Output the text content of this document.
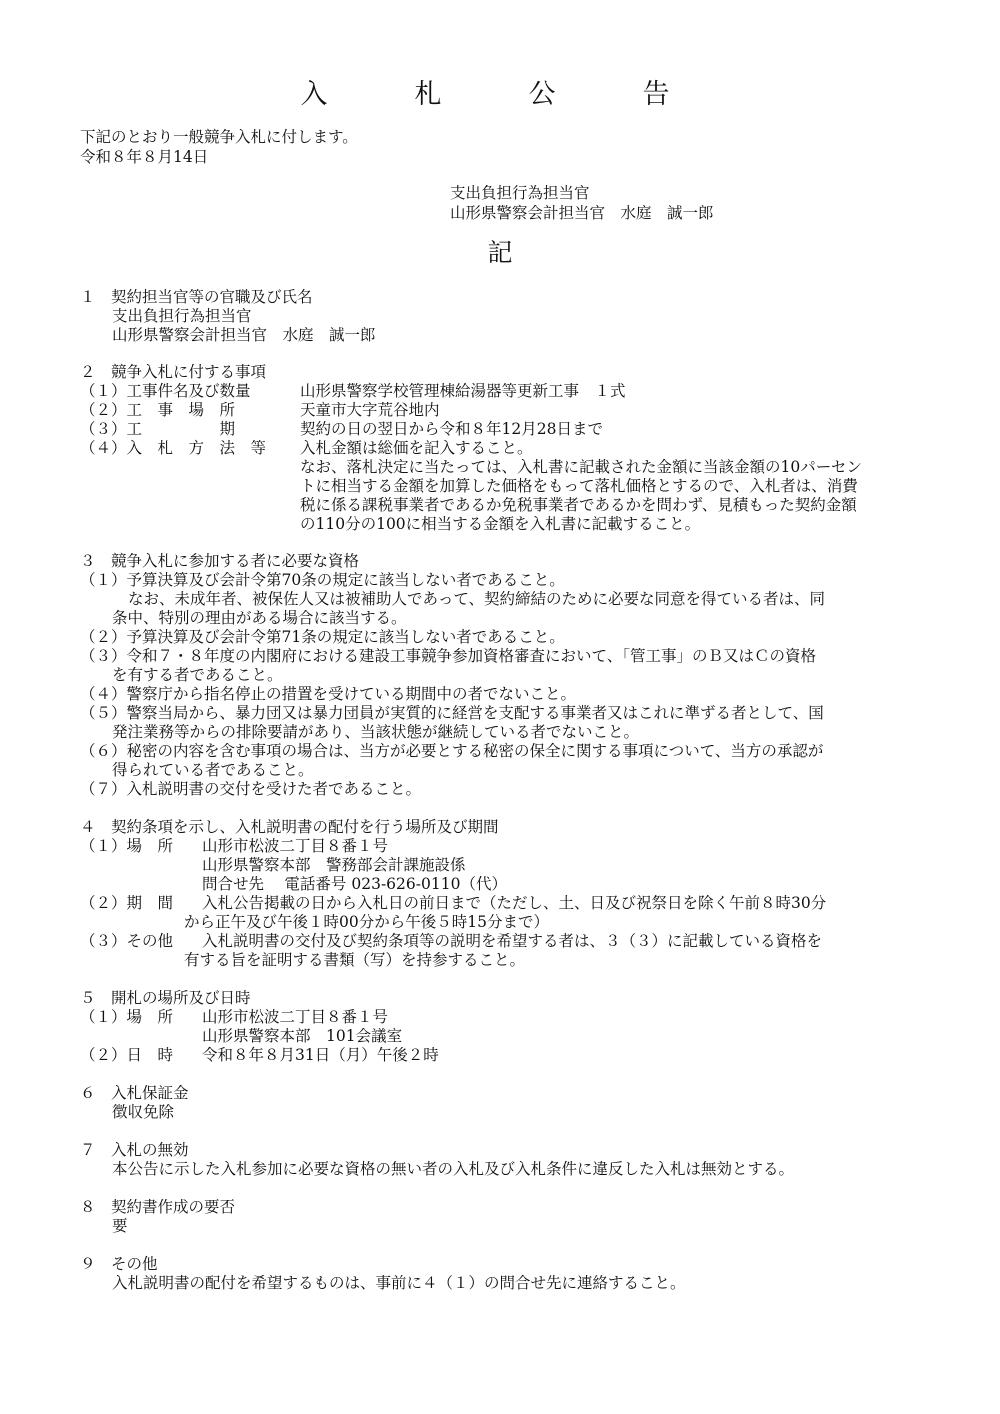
入　札　公　告
下記のとおり一般競争入札に付します。
令和８年８月14日
支出負担行為担当官
山形県警察会計担当官　水庭　誠一郎
記
１　契約担当官等の官職及び氏名
支出負担行為担当官
山形県警察会計担当官　水庭　誠一郎
２　競争入札に付する事項
（１）工事件名及び数量	山形県警察学校管理棟給湯器等更新工事　１式
（２）工　事　場　所	天童市大字荒谷地内
（３）工　　　　　期	契約の日の翌日から令和８年12月28日まで
（４）入　札　方　法　等 入札金額は総価を記入すること。
なお、落札決定に当たっては、入札書に記載された金額に当該金額の10パーセン
トに相当する金額を加算した価格をもって落札価格とするので、入札者は、消費
税に係る課税事業者であるか免税事業者であるかを問わず、見積もった契約金額
の110分の100に相当する金額を入札書に記載すること。
３　競争入札に参加する者に必要な資格
（１）予算決算及び会計令第70条の規定に該当しない者であること。
なお、未成年者、被保佐人又は被補助人であって、契約締結のために必要な同意を得ている者は、同
条中、特別の理由がある場合に該当する。
（２）予算決算及び会計令第71条の規定に該当しない者であること。
（３）令和７・８年度の内閣府における建設工事競争参加資格審査において、「管工事」のＢ又はＣの資格
を有する者であること。
（４）警察庁から指名停止の措置を受けている期間中の者でないこと。
（５）警察当局から、暴力団又は暴力団員が実質的に経営を支配する事業者又はこれに準ずる者として、国
発注業務等からの排除要請があり、当該状態が継続している者でないこと。
（６）秘密の内容を含む事項の場合は、当方が必要とする秘密の保全に関する事項について、当方の承認が
得られている者であること。
（７）入札説明書の交付を受けた者であること。
４　契約条項を示し、入札説明書の配付を行う場所及び期間
（１）場　所 山形市松波二丁目８番１号
山形県警察本部　警務部会計課施設係
問合せ先　 電話番号 023-626-0110（代）
（２）期　間 入札公告掲載の日から入札日の前日まで（ただし、土、日及び祝祭日を除く午前８時30分
から正午及び午後１時00分から午後５時15分まで）
（３）その他 入札説明書の交付及び契約条項等の説明を希望する者は、３（３）に記載している資格を
有する旨を証明する書類（写）を持参すること。
５　開札の場所及び日時
（１）場　所 山形市松波二丁目８番１号
山形県警察本部　101会議室
（２）日　時 令和８年８月31日（月）午後２時
６　入札保証金
徴収免除
７　入札の無効
本公告に示した入札参加に必要な資格の無い者の入札及び入札条件に違反した入札は無効とする。
８　契約書作成の要否
要
９　その他
入札説明書の配付を希望するものは、事前に４（１）の問合せ先に連絡すること。
